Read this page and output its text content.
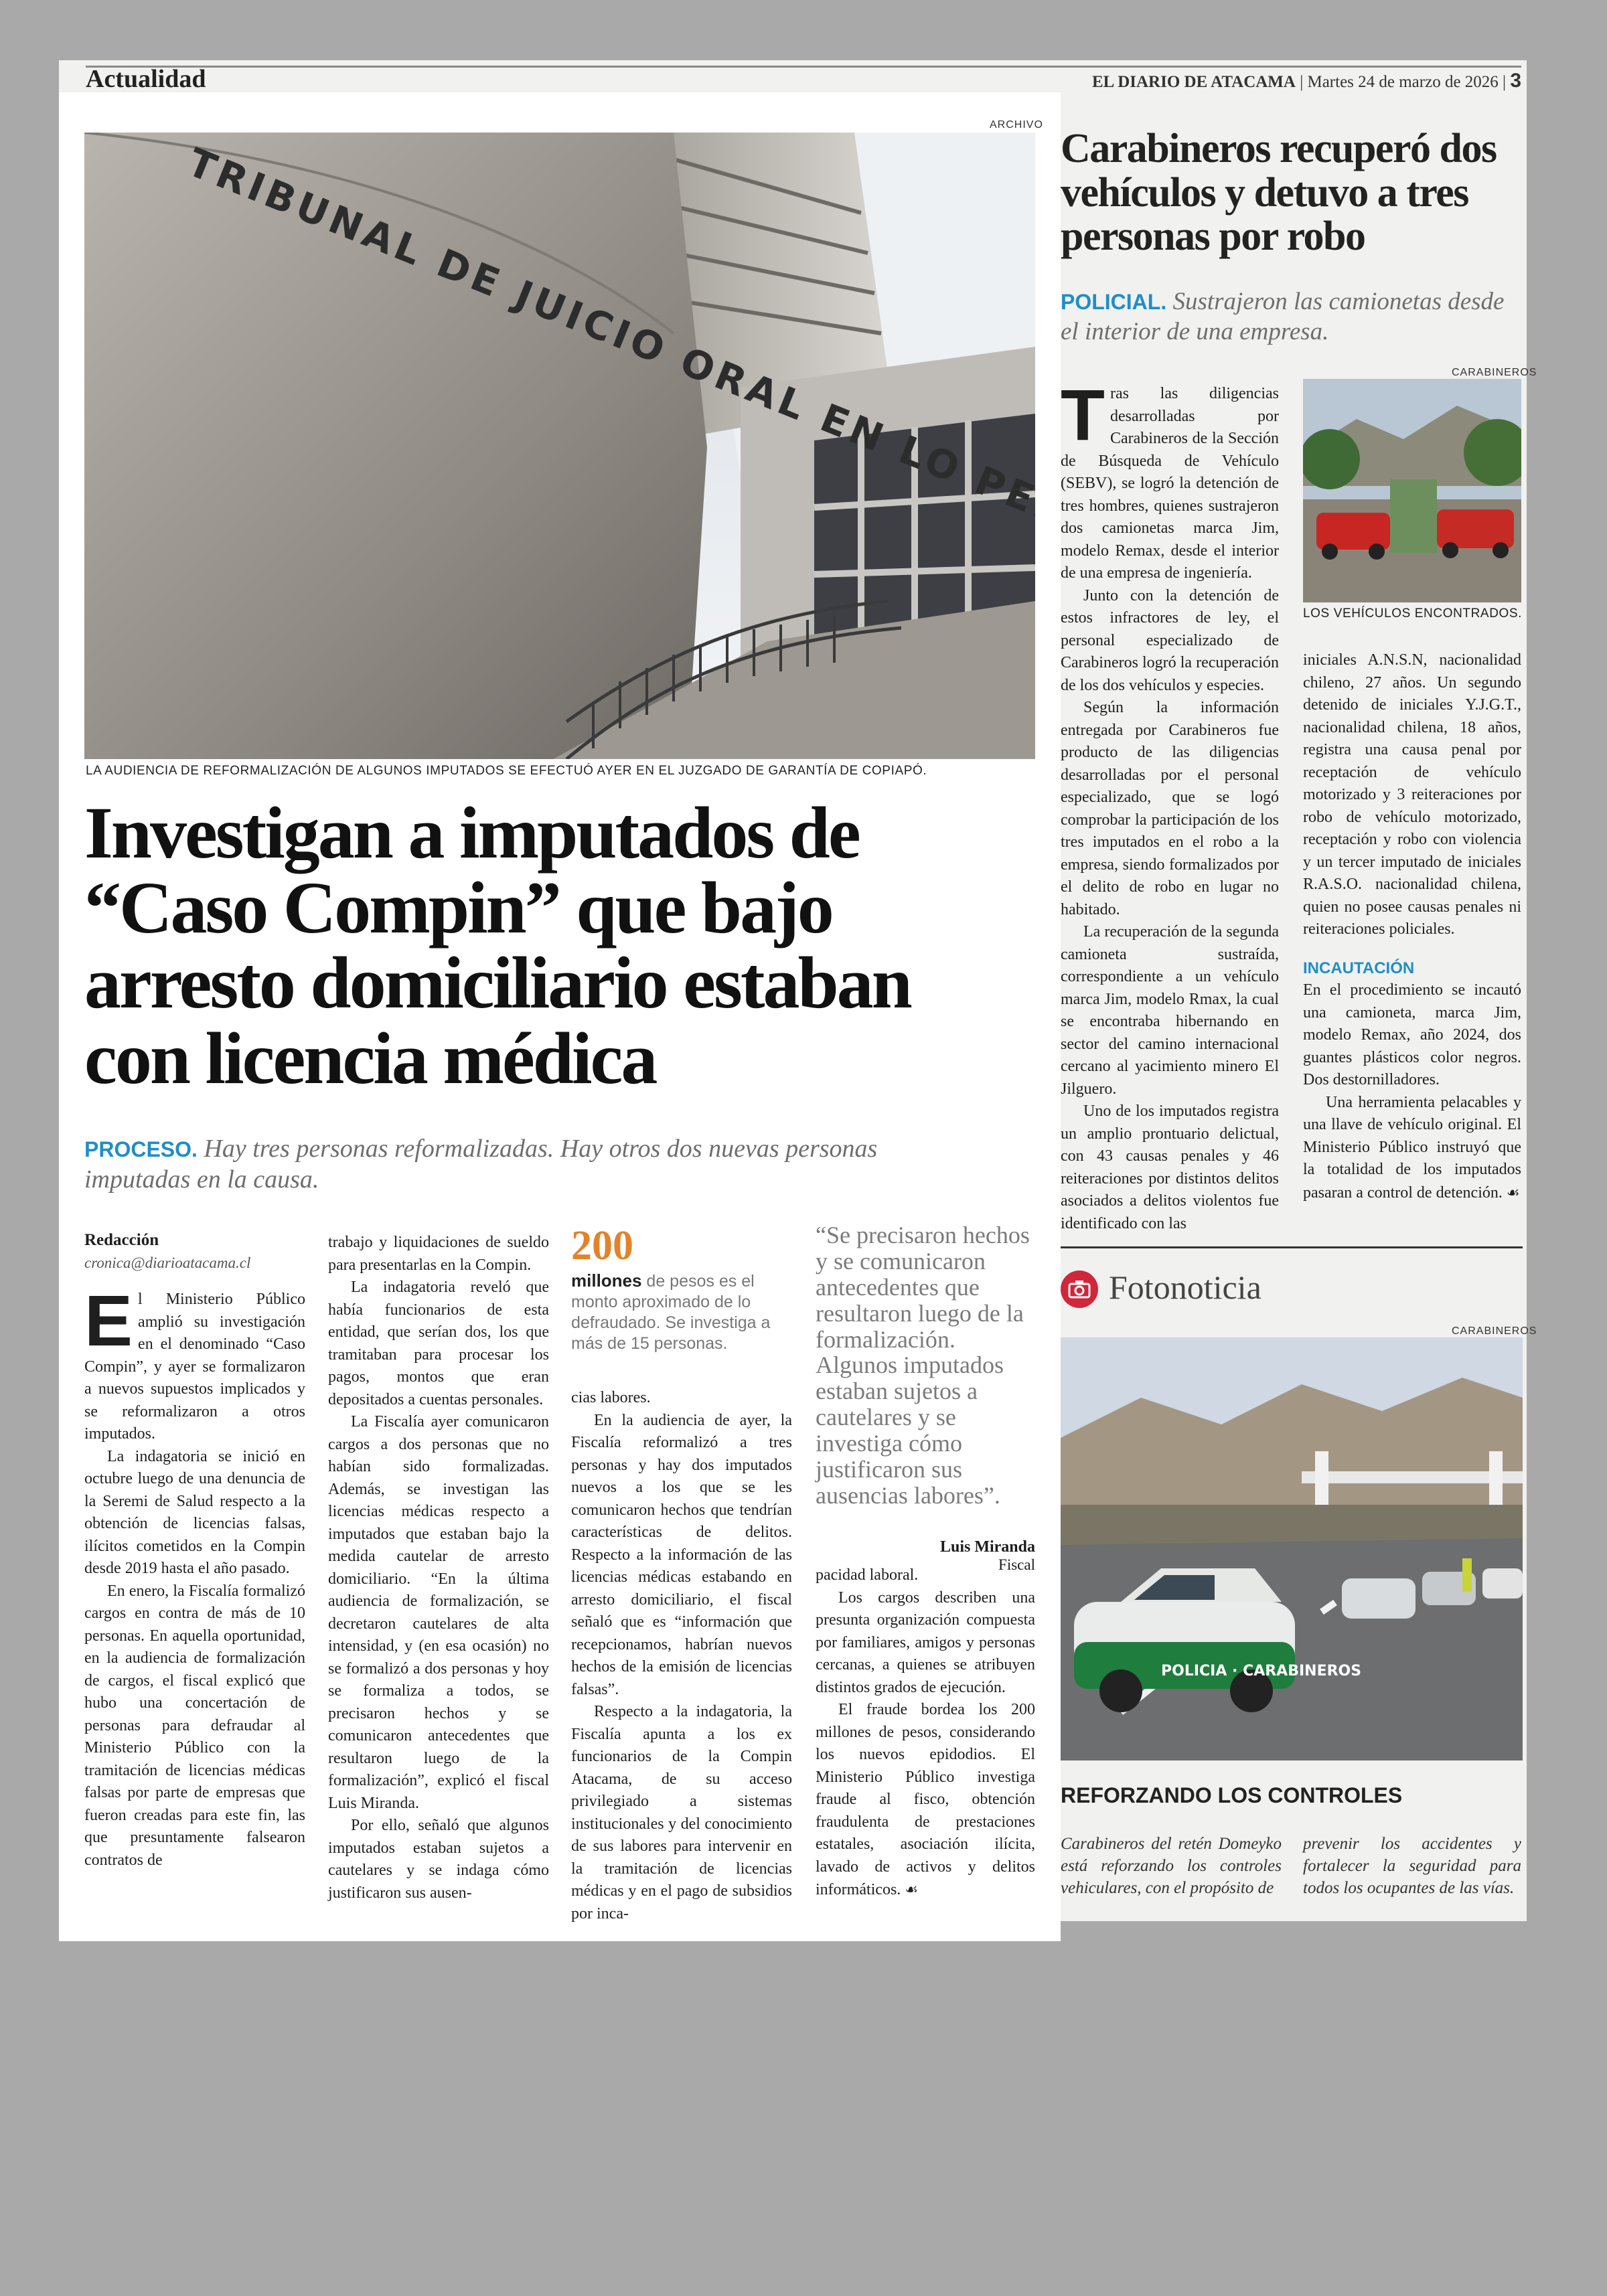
Actualidad	EL DIARIO DE ATACAMA | Martes 24 de marzo de 2026 | 3
ARCHIVO
TRIBUNAL DE JUICIO ORAL EN LO PENAL
LA AUDIENCIA DE REFORMALIZACIÓN DE ALGUNOS IMPUTADOS SE EFECTUÓ AYER EN EL JUZGADO DE GARANTÍA DE COPIAPÓ.
Investigan a imputados de “Caso Compin” que bajo arresto domiciliario estaban con licencia médica
PROCESO. Hay tres personas reformalizadas. Hay otros dos nuevas personas imputadas en la causa.
Redacción
cronica@diarioatacama.cl

El Ministerio Público amplió su investigación en el denominado “Caso Compin”, y ayer se formalizaron a nuevos supuestos implicados y se reformalizaron a otros imputados.

La indagatoria se inició en octubre luego de una denuncia de la Seremi de Salud respecto a la obtención de licencias falsas, ilícitos cometidos en la Compin desde 2019 hasta el año pasado.

En enero, la Fiscalía formalizó cargos en contra de más de 10 personas. En aquella oportunidad, en la audiencia de formalización de cargos, el fiscal explicó que hubo una concertación de personas para defraudar al Ministerio Público con la tramitación de licencias médicas falsas por parte de empresas que fueron creadas para este fin, las que presuntamente falsearon contratos de

trabajo y liquidaciones de sueldo para presentarlas en la Compin.

La indagatoria reveló que había funcionarios de esta entidad, que serían dos, los que tramitaban para procesar los pagos, montos que eran depositados a cuentas personales.

La Fiscalía ayer comunicaron cargos a dos personas que no habían sido formalizadas. Además, se investigan las licencias médicas respecto a imputados que estaban bajo la medida cautelar de arresto domiciliario. “En la última audiencia de formalización, se decretaron cautelares de alta intensidad, y (en esa ocasión) no se formalizó a dos personas y hoy se formaliza a todos, se precisaron hechos y se comunicaron antecedentes que resultaron luego de la formalización”, explicó el fiscal Luis Miranda.

Por ello, señaló que algunos imputados estaban sujetos a cautelares y se indaga cómo justificaron sus ausen-

200
millones de pesos es el monto aproximado de lo defraudado. Se investiga a más de 15 personas.

cias labores.

En la audiencia de ayer, la Fiscalía reformalizó a tres personas y hay dos imputados nuevos a los que se les comunicaron hechos que tendrían características de delitos. Respecto a la información de las licencias médicas estabando en arresto domiciliario, el fiscal señaló que es “información que recepcionamos, habrían nuevos hechos de la emisión de licencias falsas”.

Respecto a la indagatoria, la Fiscalía apunta a los ex funcionarios de la Compin Atacama, de su acceso privilegiado a sistemas institucionales y del conocimiento de sus labores para intervenir en la tramitación de licencias médicas y en el pago de subsidios por inca-

“Se precisaron hechos y se comunicaron antecedentes que resultaron luego de la formalización. Algunos imputados estaban sujetos a cautelares y se investiga cómo justificaron sus ausencias labores”.
Luis Miranda
Fiscal

pacidad laboral.

Los cargos describen una presunta organización compuesta por familiares, amigos y personas cercanas, a quienes se atribuyen distintos grados de ejecución.

El fraude bordea los 200 millones de pesos, considerando los nuevos epidodios. El Ministerio Público investiga fraude al fisco, obtención fraudulenta de prestaciones estatales, asociación ilícita, lavado de activos y delitos informáticos. ☙

Carabineros recuperó dos vehículos y detuvo a tres personas por robo
POLICIAL. Sustrajeron las camionetas desde el interior de una empresa.

Tras las diligencias desarrolladas por Carabineros de la Sección de Búsqueda de Vehículo (SEBV), se logró la detención de tres hombres, quienes sustrajeron dos camionetas marca Jim, modelo Remax, desde el interior de una empresa de ingeniería.

Junto con la detención de estos infractores de ley, el personal especializado de Carabineros logró la recuperación de los dos vehículos y especies.

Según la información entregada por Carabineros fue producto de las diligencias desarrolladas por el personal especializado, que se logó comprobar la participación de los tres imputados en el robo a la empresa, siendo formalizados por el delito de robo en lugar no habitado.

La recuperación de la segunda camioneta sustraída, correspondiente a un vehículo marca Jim, modelo Rmax, la cual se encontraba hibernando en sector del camino internacional cercano al yacimiento minero El Jilguero.

Uno de los imputados registra un amplio prontuario delictual, con 43 causas penales y 46 reiteraciones por distintos delitos asociados a delitos violentos fue identificado con las

CARABINEROS
LOS VEHÍCULOS ENCONTRADOS.

iniciales A.N.S.N, nacionalidad chileno, 27 años. Un segundo detenido de iniciales Y.J.G.T., nacionalidad chilena, 18 años, registra una causa penal por receptación de vehículo motorizado y 3 reiteraciones por robo de vehículo motorizado, receptación y robo con violencia y un tercer imputado de iniciales R.A.S.O. nacionalidad chilena, quien no posee causas penales ni reiteraciones policiales.

INCAUTACIÓN

En el procedimiento se incautó una camioneta, marca Jim, modelo Remax, año 2024, dos guantes plásticos color negros. Dos destornilladores.

Una herramienta pelacables y una llave de vehículo original. El Ministerio Público instruyó que la totalidad de los imputados pasaran a control de detención. ☙

Fotonoticia
CARABINEROS
POLICIA · CARABINEROS
REFORZANDO LOS CONTROLES
Carabineros del retén Domeyko está reforzando los controles vehiculares, con el propósito de
prevenir los accidentes y fortalecer la seguridad para todos los ocupantes de las vías.
